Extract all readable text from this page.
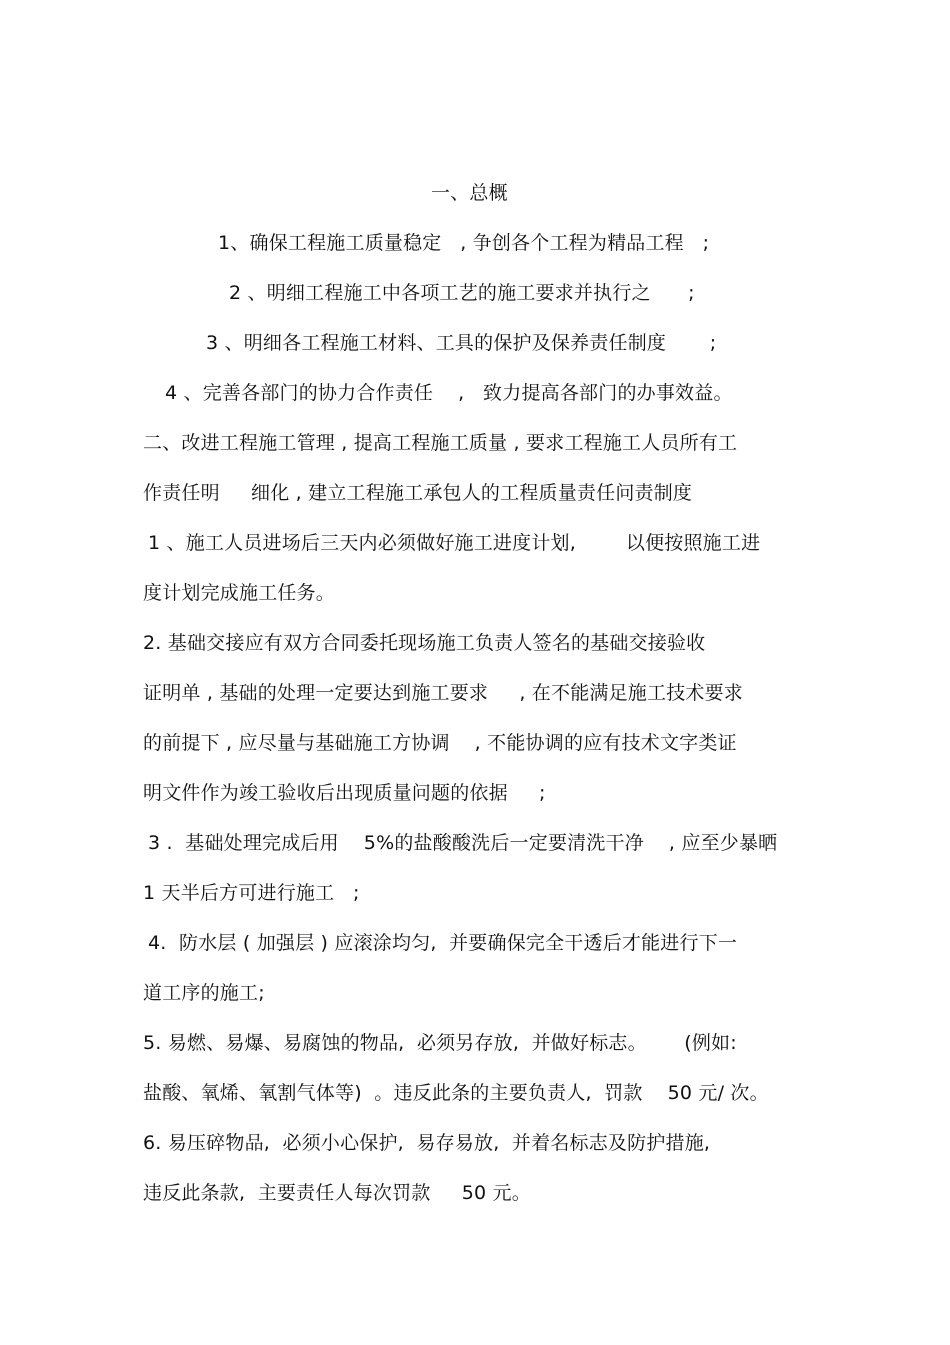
一、总概
1、确保工程施工质量稳定   , 争创各个工程为精品工程   ;
2 、明细工程施工中各项工艺的施工要求并执行之      ;
3 、明细各工程施工材料、工具的保护及保养责任制度       ;
4 、完善各部门的协力合作责任    ,   致力提高各部门的办事效益。
二、改进工程施工管理 , 提高工程施工质量 , 要求工程施工人员所有工
作责任明     细化 , 建立工程施工承包人的工程质量责任问责制度
1 、施工人员进场后三天内必须做好施工进度计划,        以便按照施工进
度计划完成施工任务。
2. 基础交接应有双方合同委托现场施工负责人签名的基础交接验收
证明单 , 基础的处理一定要达到施工要求     , 在不能满足施工技术要求
的前提下 , 应尽量与基础施工方协调    , 不能协调的应有技术文字类证
明文件作为竣工验收后出现质量问题的依据     ;
3 .  基础处理完成后用    5%的盐酸酸洗后一定要清洗干净    , 应至少暴晒
1 天半后方可进行施工   ;
4.  防水层 ( 加强层 ) 应滚涂均匀,  并要确保完全干透后才能进行下一
道工序的施工;
5. 易燃、易爆、易腐蚀的物品,  必须另存放,  并做好标志。      (例如:
盐酸、氧烯、氧割气体等)  。违反此条的主要负责人,  罚款    50 元/ 次。
6. 易压碎物品,  必须小心保护,  易存易放,  并着名标志及防护措施,
违反此条款,  主要责任人每次罚款     50 元。
